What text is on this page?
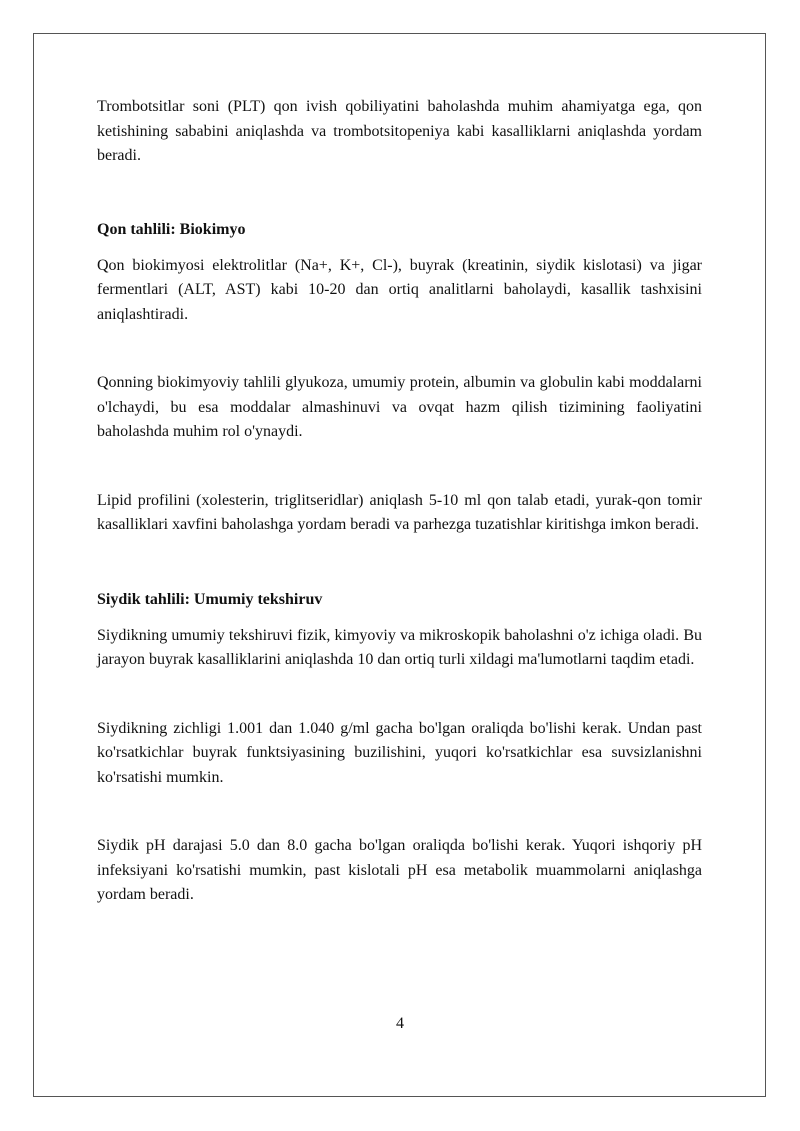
Trombotsitlar soni (PLT) qon ivish qobiliyatini baholashda muhim ahamiyatga ega, qon ketishining sababini aniqlashda va trombotsitopeniya kabi kasalliklarni aniqlashda yordam beradi.

Qon tahlili: Biokimyo

Qon biokimyosi elektrolitlar (Na+, K+, Cl-), buyrak (kreatinin, siydik kislotasi) va jigar fermentlari (ALT, AST) kabi 10-20 dan ortiq analitlarni baholaydi, kasallik tashxisini aniqlashtiradi.

Qonning biokimyoviy tahlili glyukoza, umumiy protein, albumin va globulin kabi moddalarni o'lchaydi, bu esa moddalar almashinuvi va ovqat hazm qilish tizimining faoliyatini baholashda muhim rol o'ynaydi.

Lipid profilini (xolesterin, triglitseridlar) aniqlash 5-10 ml qon talab etadi, yurak-qon tomir kasalliklari xavfini baholashga yordam beradi va parhezga tuzatishlar kiritishga imkon beradi.

Siydik tahlili: Umumiy tekshiruv

Siydikning umumiy tekshiruvi fizik, kimyoviy va mikroskopik baholashni o'z ichiga oladi. Bu jarayon buyrak kasalliklarini aniqlashda 10 dan ortiq turli xildagi ma'lumotlarni taqdim etadi.

Siydikning zichligi 1.001 dan 1.040 g/ml gacha bo'lgan oraliqda bo'lishi kerak. Undan past ko'rsatkichlar buyrak funktsiyasining buzilishini, yuqori ko'rsatkichlar esa suvsizlanishni ko'rsatishi mumkin.

Siydik pH darajasi 5.0 dan 8.0 gacha bo'lgan oraliqda bo'lishi kerak. Yuqori ishqoriy pH infeksiyani ko'rsatishi mumkin, past kislotali pH esa metabolik muammolarni aniqlashga yordam beradi.

4
